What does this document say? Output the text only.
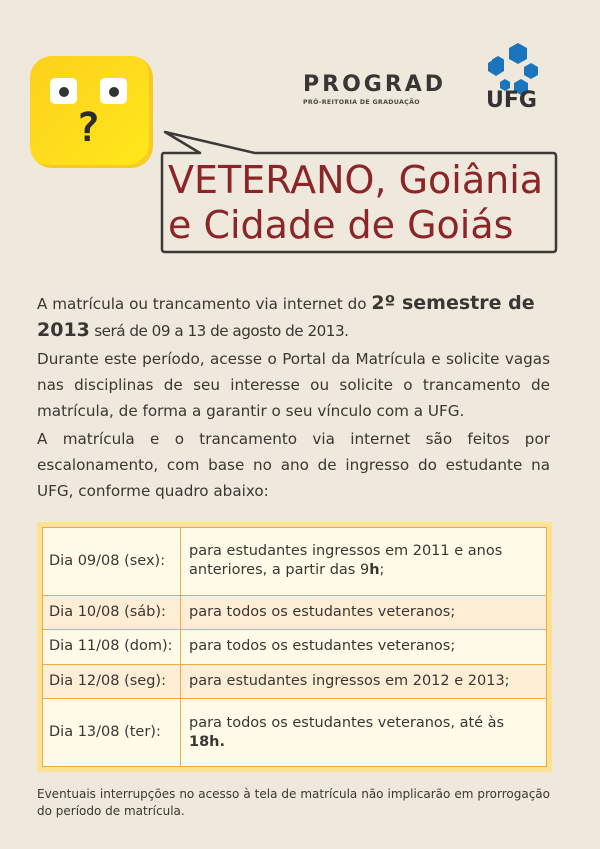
?
VETERANO, Goiânia
e Cidade de Goiás
PROGRAD
PRÓ-REITORIA DE GRADUAÇÃO	UFG

A matrícula ou trancamento via internet do 2º semestre de
2013 será de 09 a 13 de agosto de 2013.

Durante este período, acesse o Portal da Matrícula e solicite vagas nas disciplinas de seu interesse ou solicite o trancamento de matrícula, de forma a garantir o seu vínculo com a UFG.

A matrícula e o trancamento via internet são feitos por escalonamento, com base no ano de ingresso do estudante na UFG, conforme quadro abaixo:

Dia 09/08 (sex):	para estudantes ingressos em 2011 e anos anteriores, a partir das 9h;
Dia 10/08 (sáb):	para todos os estudantes veteranos;
Dia 11/08 (dom):	para todos os estudantes veteranos;
Dia 12/08 (seg):	para estudantes ingressos em 2012 e 2013;
Dia 13/08 (ter):	para todos os estudantes veteranos, até às 18h.
Eventuais interrupções no acesso à tela de matrícula não implicarão em prorrogação do período de matrícula.
